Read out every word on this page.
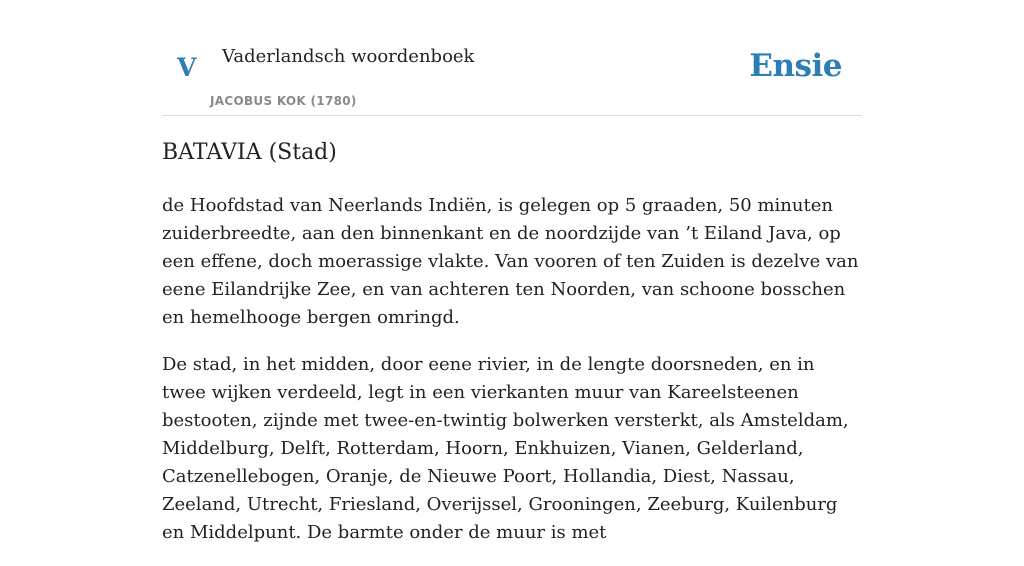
V Vaderlandsch woordenboek
JACOBUS KOK (1780)
Ensie
BATAVIA (Stad)

de Hoofdstad van Neerlands Indiën, is gelegen op 5 graaden, 50 minuten zuiderbreedte, aan den binnenkant en de noordzijde van ’t Eiland Java, op een effene, doch moerassige vlakte. Van vooren of ten Zuiden is dezelve van eene Eilandrijke Zee, en van achteren ten Noorden, van schoone bosschen en hemelhooge bergen omringd.

De stad, in het midden, door eene rivier, in de lengte doorsneden, en in twee wijken verdeeld, legt in een vierkanten muur van Kareelsteenen bestooten, zijnde met twee-en-twintig bolwerken versterkt, als Amsteldam, Middelburg, Delft, Rotterdam, Hoorn, Enkhuizen, Vianen, Gelderland, Catzenellebogen, Oranje, de Nieuwe Poort, Hollandia, Diest, Nassau, Zeeland, Utrecht, Friesland, Overijssel, Grooningen, Zeeburg, Kuilenburg en Middelpunt. De barmte onder de muur is met
